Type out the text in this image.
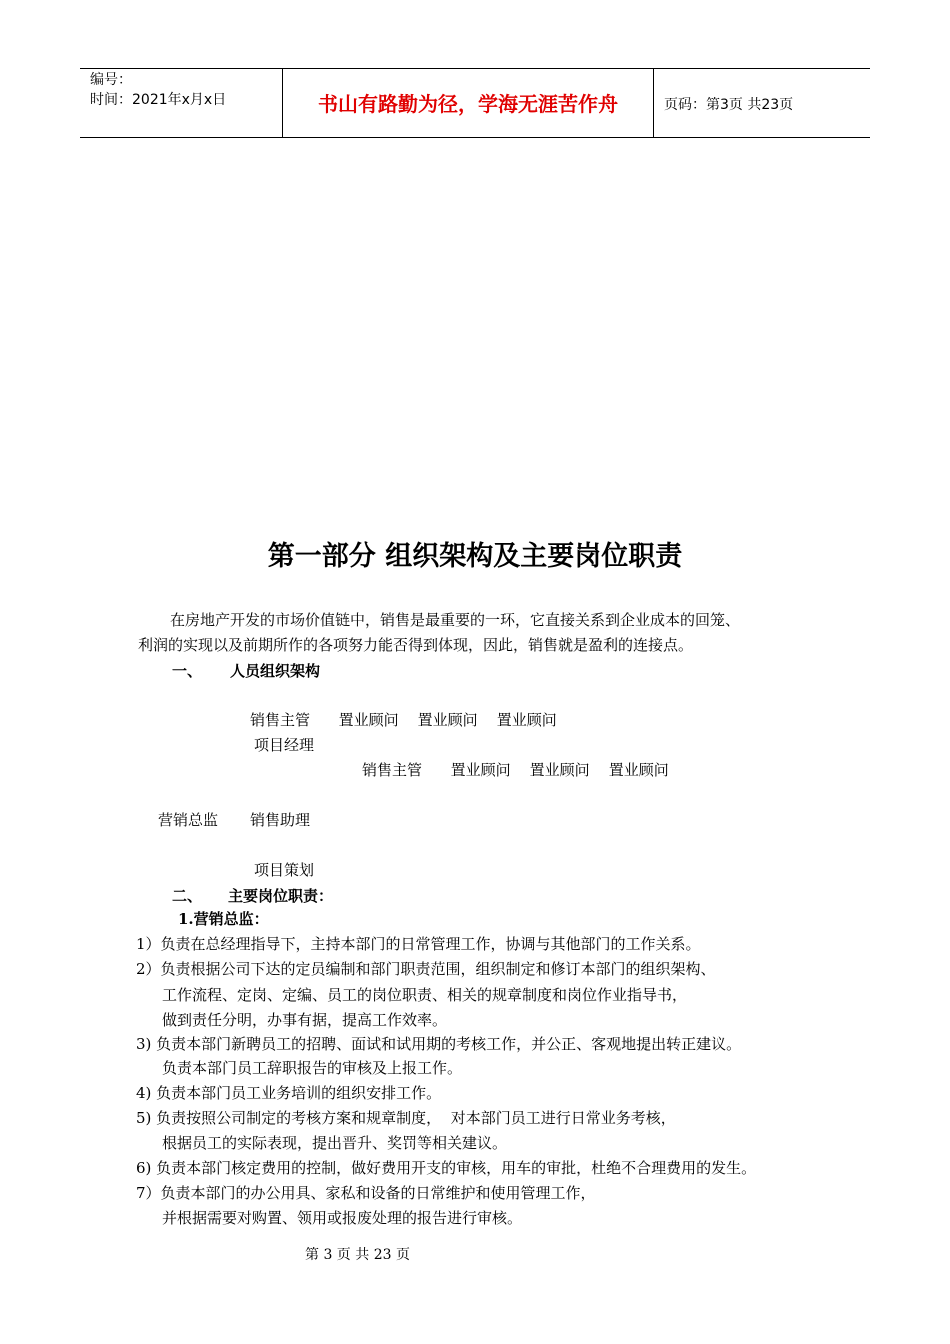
编号：
时间：2021年x月x日	书山有路勤为径，学海无涯苦作舟	页码：第3页 共23页
第一部分 组织架构及主要岗位职责
在房地产开发的市场价值链中，销售是最重要的一环，它直接关系到企业成本的回笼、
利润的实现以及前期所作的各项努力能否得到体现，因此，销售就是盈利的连接点。
一、 人员组织架构
销售主管      置业顾问    置业顾问    置业顾问
项目经理
销售主管      置业顾问    置业顾问    置业顾问
营销总监 销售助理
项目策划
二、 主要岗位职责：
1.营销总监：
1）负责在总经理指导下，主持本部门的日常管理工作，协调与其他部门的工作关系。
2）负责根据公司下达的定员编制和部门职责范围，组织制定和修订本部门的组织架构、
工作流程、定岗、定编、员工的岗位职责、相关的规章制度和岗位作业指导书，
做到责任分明，办事有据，提高工作效率。
3) 负责本部门新聘员工的招聘、面试和试用期的考核工作，并公正、客观地提出转正建议。
负责本部门员工辞职报告的审核及上报工作。
4) 负责本部门员工业务培训的组织安排工作。
5) 负责按照公司制定的考核方案和规章制度，  对本部门员工进行日常业务考核，
根据员工的实际表现，提出晋升、奖罚等相关建议。
6) 负责本部门核定费用的控制，做好费用开支的审核，用车的审批，杜绝不合理费用的发生。
7）负责本部门的办公用具、家私和设备的日常维护和使用管理工作，
并根据需要对购置、领用或报废处理的报告进行审核。
第 3 页 共 23 页
